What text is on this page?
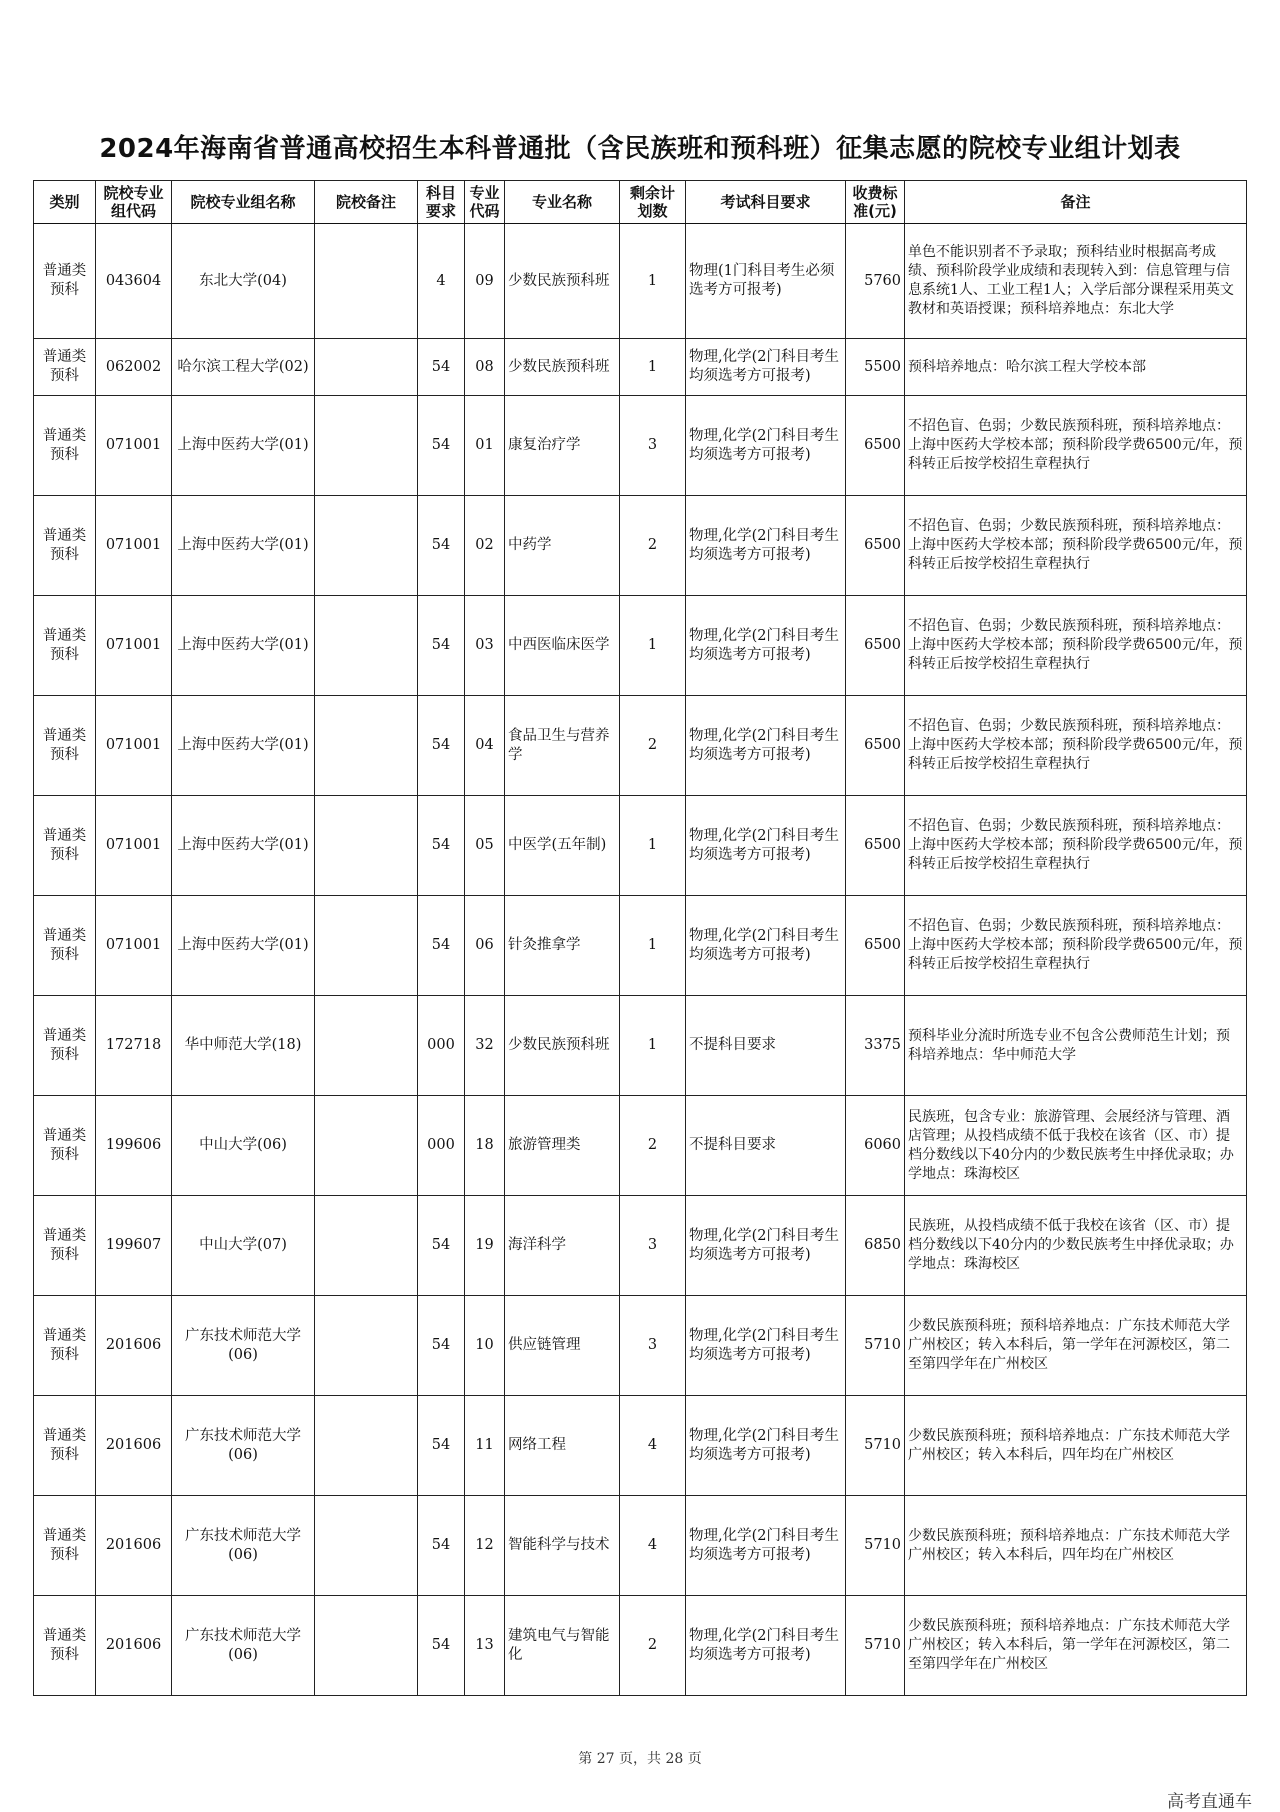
2024年海南省普通高校招生本科普通批（含民族班和预科班）征集志愿的院校专业组计划表
类别	院校专业组代码	院校专业组名称	院校备注	科目要求	专业代码	专业名称	剩余计划数	考试科目要求	收费标准(元)	备注
普通类预科	043604	东北大学(04)		4	09	少数民族预科班	1	物理(1门科目考生必须选考方可报考)	5760	单色不能识别者不予录取；预科结业时根据高考成绩、预科阶段学业成绩和表现转入到：信息管理与信息系统1人、工业工程1人；入学后部分课程采用英文教材和英语授课；预科培养地点：东北大学
普通类预科	062002	哈尔滨工程大学(02)		54	08	少数民族预科班	1	物理,化学(2门科目考生均须选考方可报考)	5500	预科培养地点：哈尔滨工程大学校本部
普通类预科	071001	上海中医药大学(01)		54	01	康复治疗学	3	物理,化学(2门科目考生均须选考方可报考)	6500	不招色盲、色弱；少数民族预科班，预科培养地点：上海中医药大学校本部；预科阶段学费6500元/年，预科转正后按学校招生章程执行
普通类预科	071001	上海中医药大学(01)		54	02	中药学	2	物理,化学(2门科目考生均须选考方可报考)	6500	不招色盲、色弱；少数民族预科班，预科培养地点：上海中医药大学校本部；预科阶段学费6500元/年，预科转正后按学校招生章程执行
普通类预科	071001	上海中医药大学(01)		54	03	中西医临床医学	1	物理,化学(2门科目考生均须选考方可报考)	6500	不招色盲、色弱；少数民族预科班，预科培养地点：上海中医药大学校本部；预科阶段学费6500元/年，预科转正后按学校招生章程执行
普通类预科	071001	上海中医药大学(01)		54	04	食品卫生与营养学	2	物理,化学(2门科目考生均须选考方可报考)	6500	不招色盲、色弱；少数民族预科班，预科培养地点：上海中医药大学校本部；预科阶段学费6500元/年，预科转正后按学校招生章程执行
普通类预科	071001	上海中医药大学(01)		54	05	中医学(五年制)	1	物理,化学(2门科目考生均须选考方可报考)	6500	不招色盲、色弱；少数民族预科班，预科培养地点：上海中医药大学校本部；预科阶段学费6500元/年，预科转正后按学校招生章程执行
普通类预科	071001	上海中医药大学(01)		54	06	针灸推拿学	1	物理,化学(2门科目考生均须选考方可报考)	6500	不招色盲、色弱；少数民族预科班，预科培养地点：上海中医药大学校本部；预科阶段学费6500元/年，预科转正后按学校招生章程执行
普通类预科	172718	华中师范大学(18)		000	32	少数民族预科班	1	不提科目要求	3375	预科毕业分流时所选专业不包含公费师范生计划；预科培养地点：华中师范大学
普通类预科	199606	中山大学(06)		000	18	旅游管理类	2	不提科目要求	6060	民族班，包含专业：旅游管理、会展经济与管理、酒店管理；从投档成绩不低于我校在该省（区、市）提档分数线以下40分内的少数民族考生中择优录取；办学地点：珠海校区
普通类预科	199607	中山大学(07)		54	19	海洋科学	3	物理,化学(2门科目考生均须选考方可报考)	6850	民族班，从投档成绩不低于我校在该省（区、市）提档分数线以下40分内的少数民族考生中择优录取；办学地点：珠海校区
普通类预科	201606	广东技术师范大学(06)		54	10	供应链管理	3	物理,化学(2门科目考生均须选考方可报考)	5710	少数民族预科班；预科培养地点：广东技术师范大学广州校区；转入本科后，第一学年在河源校区，第二至第四学年在广州校区
普通类预科	201606	广东技术师范大学(06)		54	11	网络工程	4	物理,化学(2门科目考生均须选考方可报考)	5710	少数民族预科班；预科培养地点：广东技术师范大学广州校区；转入本科后，四年均在广州校区
普通类预科	201606	广东技术师范大学(06)		54	12	智能科学与技术	4	物理,化学(2门科目考生均须选考方可报考)	5710	少数民族预科班；预科培养地点：广东技术师范大学广州校区；转入本科后，四年均在广州校区
普通类预科	201606	广东技术师范大学(06)		54	13	建筑电气与智能化	2	物理,化学(2门科目考生均须选考方可报考)	5710	少数民族预科班；预科培养地点：广东技术师范大学广州校区；转入本科后，第一学年在河源校区，第二至第四学年在广州校区
第 27 页，共 28 页
高考直通车
